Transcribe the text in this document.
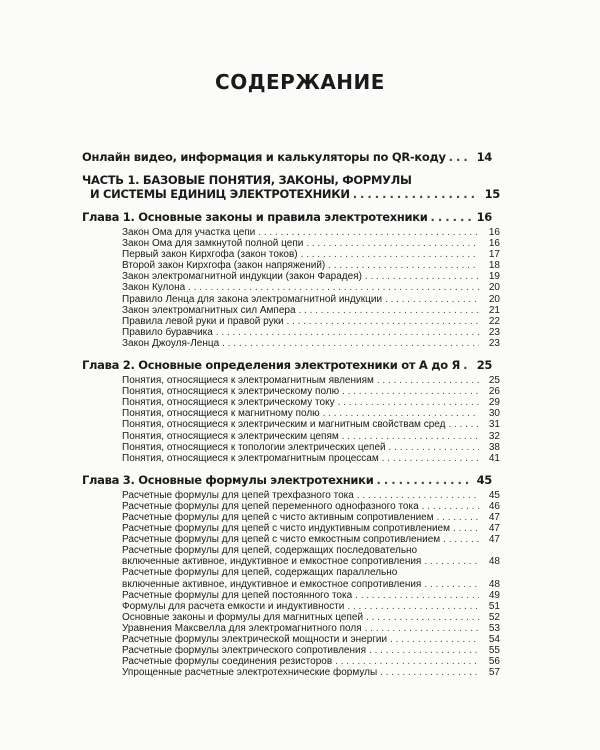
СОДЕРЖАНИЕ
Онлайн видео, информация и калькуляторы по QR-коду . . .	14
ЧАСТЬ 1. БАЗОВЫЕ ПОНЯТИЯ, ЗАКОНЫ, ФОРМУЛЫ
И СИСТЕМЫ ЕДИНИЦ ЭЛЕКТРОТЕХНИКИ . . .	15
Глава 1. Основные законы и правила электротехники . . .	16
Закон Ома для участка цепи . . .	16
Закон Ома для замкнутой полной цепи . . .	16
Первый закон Кирхгофа (закон токов) . . .	17
Второй закон Кирхгофа (закон напряжений) . . .	18
Закон электромагнитной индукции (закон Фарадея) . . .	19
Закон Кулона . . .	20
Правило Ленца для закона электромагнитной индукции . . .	20
Закон электромагнитных сил Ампера . . .	21
Правила левой руки и правой руки . . .	22
Правило буравчика . . .	23
Закон Джоуля-Ленца . . .	23
Глава 2. Основные определения электротехники от А до Я . . . 25
Понятия, относящиеся к электромагнитным явлениям . . .	25
Понятия, относящиеся к электрическому полю . . .	26
Понятия, относящиеся к электрическому току . . .	29
Понятия, относящиеся к магнитному полю . . .	30
Понятия, относящиеся к электрическим и магнитным свойствам сред . . .	31
Понятия, относящиеся к электрическим цепям . . .	32
Понятия, относящиеся к топологии электрических цепей . . .	38
Понятия, относящиеся к электромагнитным процессам . . .	41
Глава 3. Основные формулы электротехники . . .	45
Расчетные формулы для цепей трехфазного тока . . .	45
Расчетные формулы для цепей переменного однофазного тока . . .	46
Расчетные формулы для цепей с чисто активным сопротивлением . . .	47
Расчетные формулы для цепей с чисто индуктивным сопротивлением . . .	47
Расчетные формулы для цепей с чисто емкостным сопротивлением . . .	47
Расчетные формулы для цепей, содержащих последовательно
включенные активное, индуктивное и емкостное сопротивления . . .	48
Расчетные формулы для цепей, содержащих параллельно
включенные активное, индуктивное и емкостное сопротивления . . .	48
Расчетные формулы для цепей постоянного тока . . .	49
Формулы для расчета емкости и индуктивности . . .	51
Основные законы и формулы для магнитных цепей . . .	52
Уравнения Максвелла для электромагнитного поля . . .	53
Расчетные формулы электрической мощности и энергии . . .	54
Расчетные формулы электрического сопротивления . . .	55
Расчетные формулы соединения резисторов . . .	56
Упрощенные расчетные электротехнические формулы . . .	57
